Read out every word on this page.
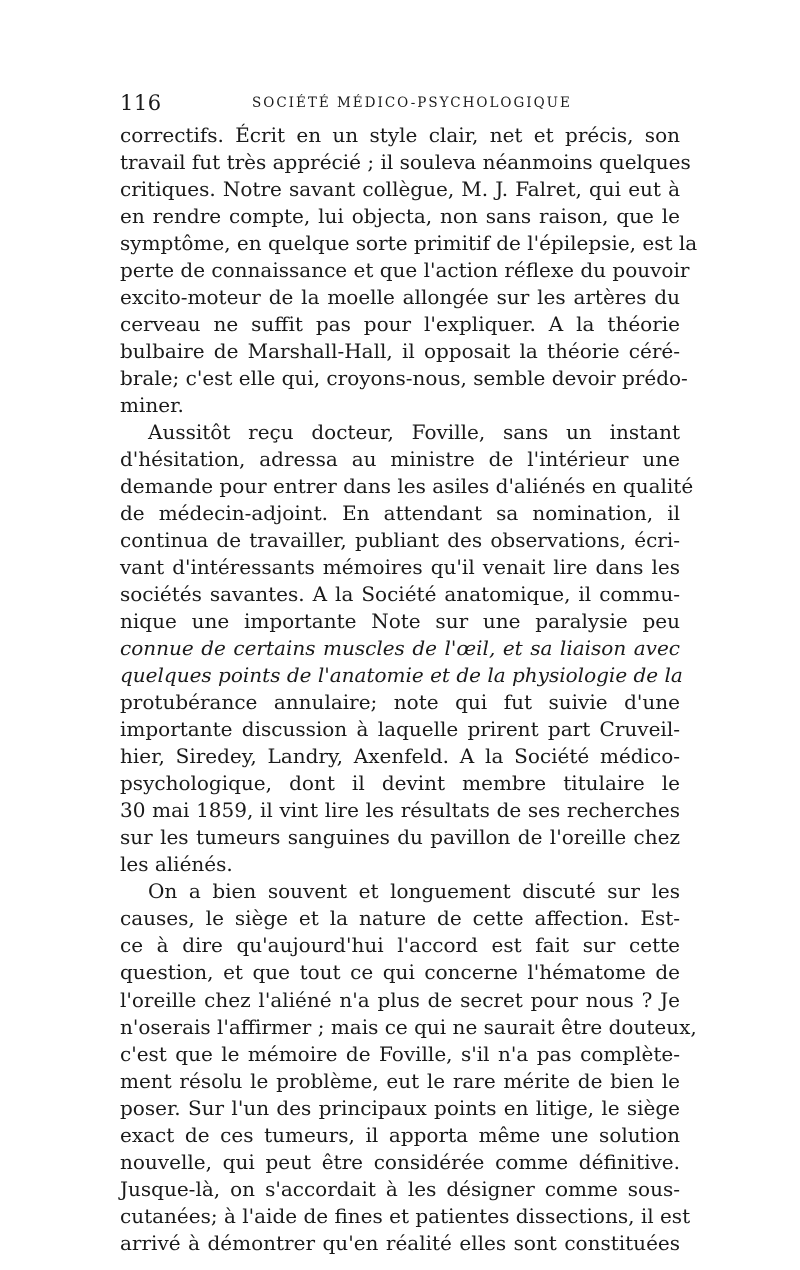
116	SOCIÉTÉ MÉDICO-PSYCHOLOGIQUE
correctifs. Écrit en un style clair, net et précis, son
travail fut très apprécié ; il souleva néanmoins quelques
critiques. Notre savant collègue, M. J. Falret, qui eut à
en rendre compte, lui objecta, non sans raison, que le
symptôme, en quelque sorte primitif de l'épilepsie, est la
perte de connaissance et que l'action réflexe du pouvoir
excito-moteur de la moelle allongée sur les artères du
cerveau ne suffit pas pour l'expliquer. A la théorie
bulbaire de Marshall-Hall, il opposait la théorie céré-
brale; c'est elle qui, croyons-nous, semble devoir prédo-
miner.
Aussitôt reçu docteur, Foville, sans un instant
d'hésitation, adressa au ministre de l'intérieur une
demande pour entrer dans les asiles d'aliénés en qualité
de médecin-adjoint. En attendant sa nomination, il
continua de travailler, publiant des observations, écri-
vant d'intéressants mémoires qu'il venait lire dans les
sociétés savantes. A la Société anatomique, il commu-
nique une importante Note sur une paralysie peu
connue de certains muscles de l'œil, et sa liaison avec
quelques points de l'anatomie et de la physiologie de la
protubérance annulaire; note qui fut suivie d'une
importante discussion à laquelle prirent part Cruveil-
hier, Siredey, Landry, Axenfeld. A la Société médico-
psychologique, dont il devint membre titulaire le
30 mai 1859, il vint lire les résultats de ses recherches
sur les tumeurs sanguines du pavillon de l'oreille chez
les aliénés.
On a bien souvent et longuement discuté sur les
causes, le siège et la nature de cette affection. Est-
ce à dire qu'aujourd'hui l'accord est fait sur cette
question, et que tout ce qui concerne l'hématome de
l'oreille chez l'aliéné n'a plus de secret pour nous ? Je
n'oserais l'affirmer ; mais ce qui ne saurait être douteux,
c'est que le mémoire de Foville, s'il n'a pas complète-
ment résolu le problème, eut le rare mérite de bien le
poser. Sur l'un des principaux points en litige, le siège
exact de ces tumeurs, il apporta même une solution
nouvelle, qui peut être considérée comme définitive.
Jusque-là, on s'accordait à les désigner comme sous-
cutanées; à l'aide de fines et patientes dissections, il est
arrivé à démontrer qu'en réalité elles sont constituées
